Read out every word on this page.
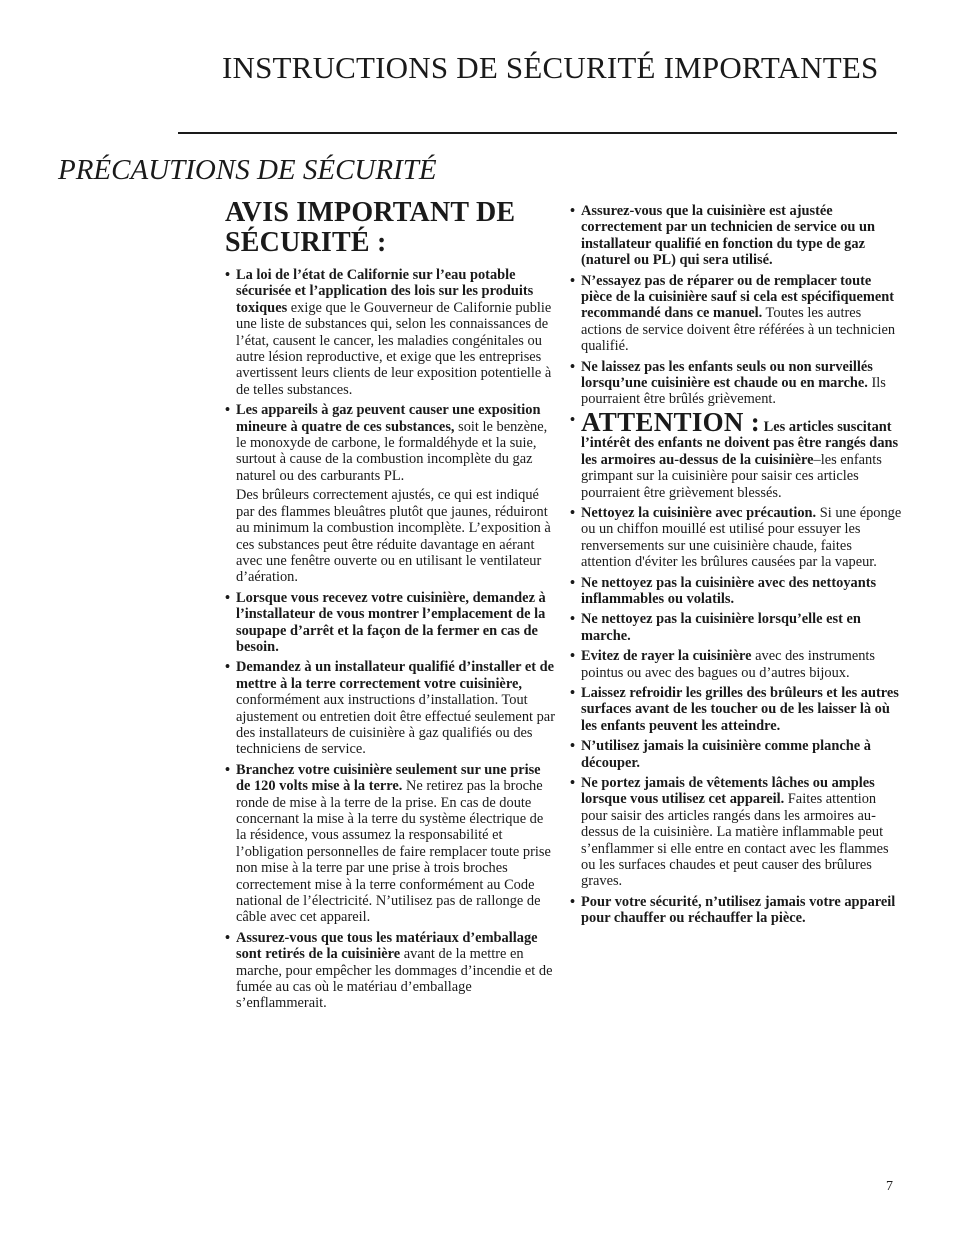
INSTRUCTIONS DE SÉCURITÉ IMPORTANTES
PRÉCAUTIONS DE SÉCURITÉ
AVIS IMPORTANT DE SÉCURITÉ :
• La loi de l’état de Californie sur l’eau potable sécurisée et l’application des lois sur les produits toxiques exige que le Gouverneur de Californie publie une liste de substances qui, selon les connaissances de l’état, causent le cancer, les maladies congénitales ou autre lésion reproductive, et exige que les entreprises avertissent leurs clients de leur exposition potentielle à de telles substances.
• Les appareils à gaz peuvent causer une exposition mineure à quatre de ces substances, soit le benzène, le monoxyde de carbone, le formaldéhyde et la suie, surtout à cause de la combustion incomplète du gaz naturel ou des carburants PL.

Des brûleurs correctement ajustés, ce qui est indiqué par des flammes bleuâtres plutôt que jaunes, réduiront au minimum la combustion incomplète. L’exposition à ces substances peut être réduite davantage en aérant avec une fenêtre ouverte ou en utilisant le ventilateur d’aération.

• Lorsque vous recevez votre cuisinière, demandez à l’installateur de vous montrer l’emplacement de la soupape d’arrêt et la façon de la fermer en cas de besoin.
• Demandez à un installateur qualifié d’installer et de mettre à la terre correctement votre cuisinière, conformément aux instructions d’installation. Tout ajustement ou entretien doit être effectué seulement par des installateurs de cuisinière à gaz qualifiés ou des techniciens de service.
• Branchez votre cuisinière seulement sur une prise de 120 volts mise à la terre. Ne retirez pas la broche ronde de mise à la terre de la prise. En cas de doute concernant la mise à la terre du système électrique de la résidence, vous assumez la responsabilité et l’obligation personnelles de faire remplacer toute prise non mise à la terre par une prise à trois broches correctement mise à la terre conformément au Code national de l’électricité. N’utilisez pas de rallonge de câble avec cet appareil.
• Assurez-vous que tous les matériaux d’emballage sont retirés de la cuisinière avant de la mettre en marche, pour empêcher les dommages d’incendie et de fumée au cas où le matériau d’emballage s’enflammerait.
• Assurez-vous que la cuisinière est ajustée correctement par un technicien de service ou un installateur qualifié en fonction du type de gaz (naturel ou PL) qui sera utilisé.
• N’essayez pas de réparer ou de remplacer toute pièce de la cuisinière sauf si cela est spécifiquement recommandé dans ce manuel. Toutes les autres actions de service doivent être référées à un technicien qualifié.
• Ne laissez pas les enfants seuls ou non surveillés lorsqu’une cuisinière est chaude ou en marche. Ils pourraient être brûlés grièvement.
• ATTENTION : Les articles suscitant l’intérêt des enfants ne doivent pas être rangés dans les armoires au-dessus de la cuisinière–les enfants grimpant sur la cuisinière pour saisir ces articles pourraient être grièvement blessés.
• Nettoyez la cuisinière avec précaution. Si une éponge ou un chiffon mouillé est utilisé pour essuyer les renversements sur une cuisinière chaude, faites attention d'éviter les brûlures causées par la vapeur.
• Ne nettoyez pas la cuisinière avec des nettoyants inflammables ou volatils.
• Ne nettoyez pas la cuisinière lorsqu’elle est en marche.
• Evitez de rayer la cuisinière avec des instruments pointus ou avec des bagues ou d’autres bijoux.
• Laissez refroidir les grilles des brûleurs et les autres surfaces avant de les toucher ou de les laisser là où les enfants peuvent les atteindre.
• N’utilisez jamais la cuisinière comme planche à découper.
• Ne portez jamais de vêtements lâches ou amples lorsque vous utilisez cet appareil. Faites attention pour saisir des articles rangés dans les armoires au-dessus de la cuisinière. La matière inflammable peut s’enflammer si elle entre en contact avec les flammes ou les surfaces chaudes et peut causer des brûlures graves.
• Pour votre sécurité, n’utilisez jamais votre appareil pour chauffer ou réchauffer la pièce.
7
